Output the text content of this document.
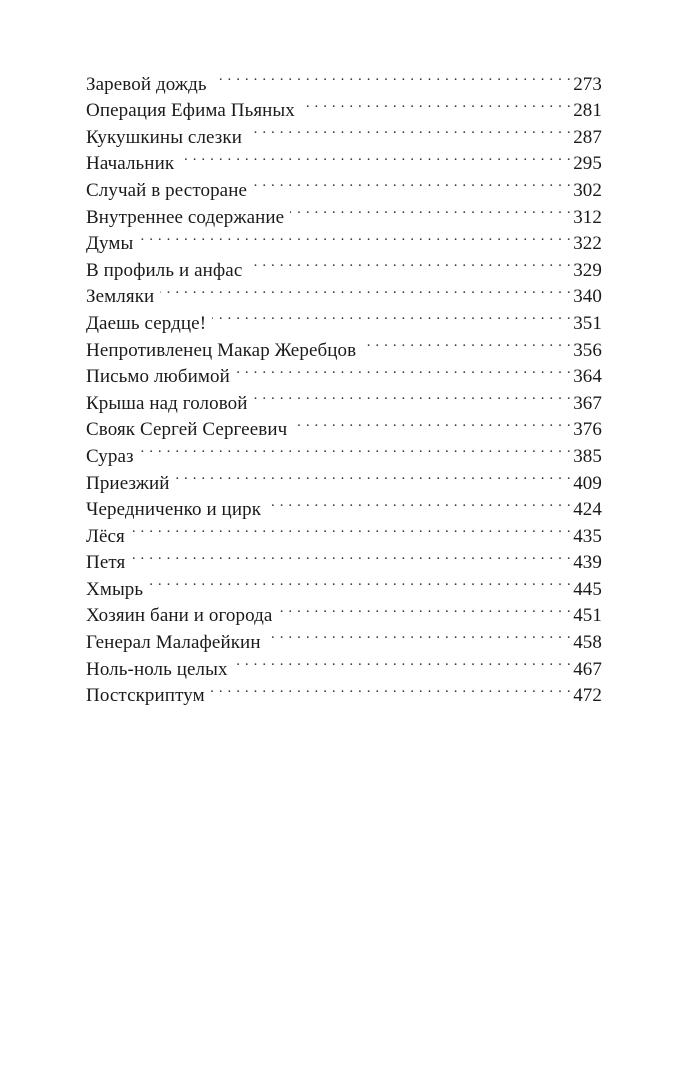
Заревой дождь . . .	273
Операция Ефима Пьяных . . .	281
Кукушкины слезки . . .	287
Начальник . . .	295
Случай в ресторане . . .	302
Внутреннее содержание . . .	312
Думы . . .	322
В профиль и анфас . . .	329
Земляки . . .	340
Даешь сердце! . . .	351
Непротивленец Макар Жеребцов . . .	356
Письмо любимой . . .	364
Крыша над головой . . .	367
Свояк Сергей Сергеевич . . .	376
Сураз . . .	385
Приезжий . . .	409
Чередниченко и цирк . . .	424
Лёся . . .	435
Петя . . .	439
Хмырь . . .	445
Хозяин бани и огорода . . .	451
Генерал Малафейкин . . .	458
Ноль-ноль целых . . .	467
Постскриптум . . .	472
